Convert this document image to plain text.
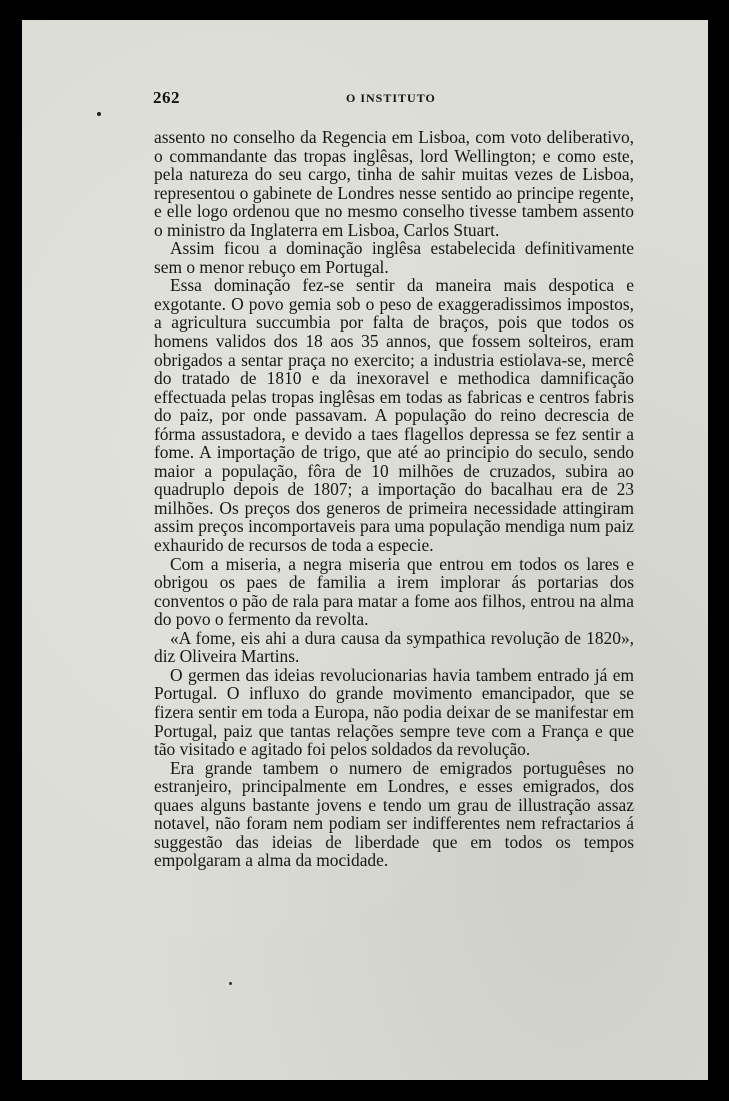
262	O INSTITUTO

assento no conselho da Regencia em Lisboa, com voto deliberativo, o commandante das tropas inglêsas, lord Wellington; e como este, pela natureza do seu cargo, tinha de sahir muitas vezes de Lisboa, representou o gabinete de Londres nesse sentido ao principe regente, e elle logo ordenou que no mesmo conselho tivesse tambem assento o ministro da Inglaterra em Lisboa, Carlos Stuart.

Assim ficou a dominação inglêsa estabelecida definitivamente sem o menor rebuço em Portugal.

Essa dominação fez-se sentir da maneira mais despotica e exgotante. O povo gemia sob o peso de exaggeradissimos impostos, a agricultura succumbia por falta de braços, pois que todos os homens validos dos 18 aos 35 annos, que fossem solteiros, eram obrigados a sentar praça no exercito; a industria estiolava-se, mercê do tratado de 1810 e da inexoravel e methodica damnificação effectuada pelas tropas inglêsas em todas as fabricas e centros fabris do paiz, por onde passavam. A população do reino decrescia de fórma assustadora, e devido a taes flagellos depressa se fez sentir a fome. A importação de trigo, que até ao principio do seculo, sendo maior a população, fôra de 10 milhões de cruzados, subira ao quadruplo depois de 1807; a importação do bacalhau era de 23 milhões. Os preços dos generos de primeira necessidade attingiram assim preços incomportaveis para uma população mendiga num paiz exhaurido de recursos de toda a especie.

Com a miseria, a negra miseria que entrou em todos os lares e obrigou os paes de familia a irem implorar ás portarias dos conventos o pão de rala para matar a fome aos filhos, entrou na alma do povo o fermento da revolta.

«A fome, eis ahi a dura causa da sympathica revolução de 1820», diz Oliveira Martins.

O germen das ideias revolucionarias havia tambem entrado já em Portugal. O influxo do grande movimento emancipador, que se fizera sentir em toda a Europa, não podia deixar de se manifestar em Portugal, paiz que tantas relações sempre teve com a França e que tão visitado e agitado foi pelos soldados da revolução.

Era grande tambem o numero de emigrados portuguêses no estranjeiro, principalmente em Londres, e esses emigrados, dos quaes alguns bastante jovens e tendo um grau de illustração assaz notavel, não foram nem podiam ser indifferentes nem refractarios á suggestão das ideias de liberdade que em todos os tempos empolgaram a alma da mocidade.
